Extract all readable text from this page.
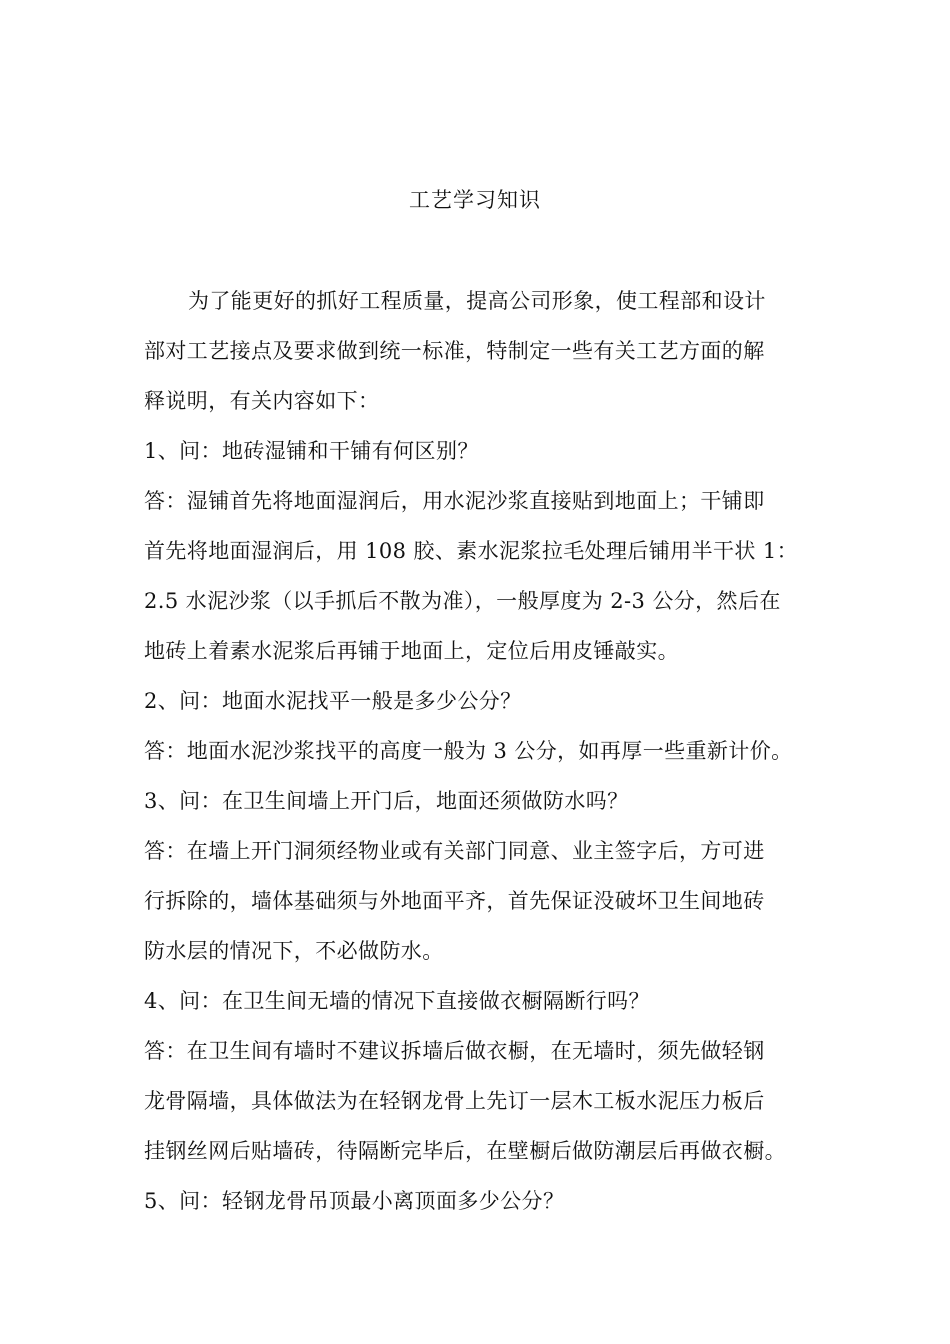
工艺学习知识
为了能更好的抓好工程质量，提高公司形象，使工程部和设计
部对工艺接点及要求做到统一标准，特制定一些有关工艺方面的解
释说明，有关内容如下：
1、问：地砖湿铺和干铺有何区别？
答：湿铺首先将地面湿润后，用水泥沙浆直接贴到地面上；干铺即
首先将地面湿润后，用 108 胶、素水泥浆拉毛处理后铺用半干状 1：
2.5 水泥沙浆（以手抓后不散为准），一般厚度为 2-3 公分，然后在
地砖上着素水泥浆后再铺于地面上，定位后用皮锤敲实。
2、问：地面水泥找平一般是多少公分？
答：地面水泥沙浆找平的高度一般为 3 公分，如再厚一些重新计价。
3、问：在卫生间墙上开门后，地面还须做防水吗？
答：在墙上开门洞须经物业或有关部门同意、业主签字后，方可进
行拆除的，墙体基础须与外地面平齐，首先保证没破坏卫生间地砖
防水层的情况下，不必做防水。
4、问：在卫生间无墙的情况下直接做衣橱隔断行吗？
答：在卫生间有墙时不建议拆墙后做衣橱，在无墙时，须先做轻钢
龙骨隔墙，具体做法为在轻钢龙骨上先订一层木工板水泥压力板后
挂钢丝网后贴墙砖，待隔断完毕后，在壁橱后做防潮层后再做衣橱。
5、问：轻钢龙骨吊顶最小离顶面多少公分？
